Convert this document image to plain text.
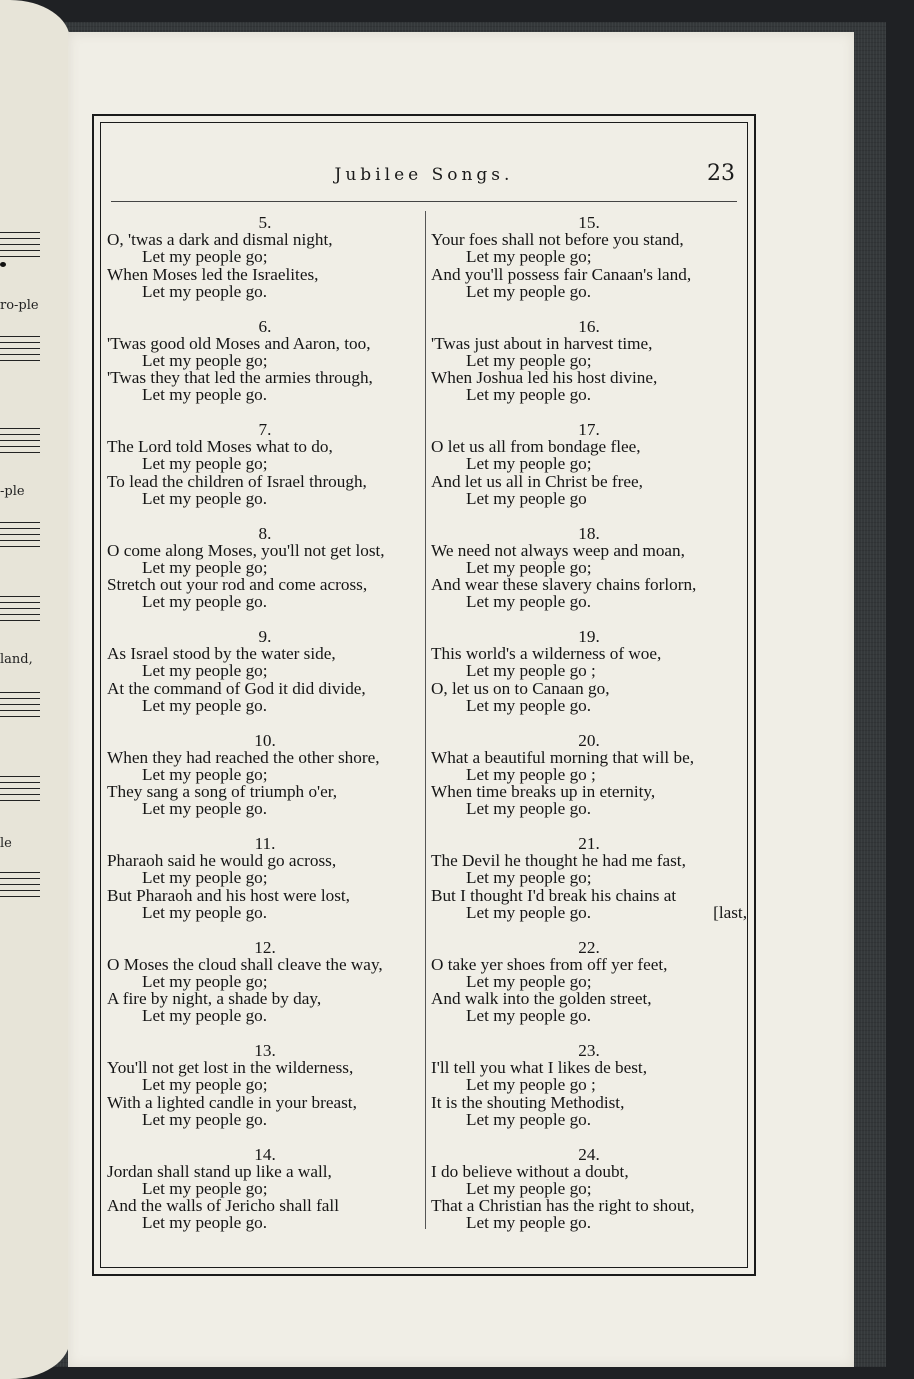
ro-ple
-ple
land,
le
Jubilee Songs.	23
5.
O, 'twas a dark and dismal night,
Let my people go;
When Moses led the Israelites,
Let my people go.
6.
'Twas good old Moses and Aaron, too,
Let my people go;
'Twas they that led the armies through,
Let my people go.
7.
The Lord told Moses what to do,
Let my people go;
To lead the children of Israel through,
Let my people go.
8.
O come along Moses, you'll not get lost,
Let my people go;
Stretch out your rod and come across,
Let my people go.
9.
As Israel stood by the water side,
Let my people go;
At the command of God it did divide,
Let my people go.
10.
When they had reached the other shore,
Let my people go;
They sang a song of triumph o'er,
Let my people go.
11.
Pharaoh said he would go across,
Let my people go;
But Pharaoh and his host were lost,
Let my people go.
12.
O Moses the cloud shall cleave the way,
Let my people go;
A fire by night, a shade by day,
Let my people go.
13.
You'll not get lost in the wilderness,
Let my people go;
With a lighted candle in your breast,
Let my people go.
14.
Jordan shall stand up like a wall,
Let my people go;
And the walls of Jericho shall fall
Let my people go.
15.
Your foes shall not before you stand,
Let my people go;
And you'll possess fair Canaan's land,
Let my people go.
16.
'Twas just about in harvest time,
Let my people go;
When Joshua led his host divine,
Let my people go.
17.
O let us all from bondage flee,
Let my people go;
And let us all in Christ be free,
Let my people go
18.
We need not always weep and moan,
Let my people go;
And wear these slavery chains forlorn,
Let my people go.
19.
This world's a wilderness of woe,
Let my people go ;
O, let us on to Canaan go,
Let my people go.
20.
What a beautiful morning that will be,
Let my people go ;
When time breaks up in eternity,
Let my people go.
21.
The Devil he thought he had me fast,
Let my people go;
But I thought I'd break his chains at
Let my people go.	[last,
22.
O take yer shoes from off yer feet,
Let my people go;
And walk into the golden street,
Let my people go.
23.
I'll tell you what I likes de best,
Let my people go ;
It is the shouting Methodist,
Let my people go.
24.
I do believe without a doubt,
Let my people go;
That a Christian has the right to shout,
Let my people go.
